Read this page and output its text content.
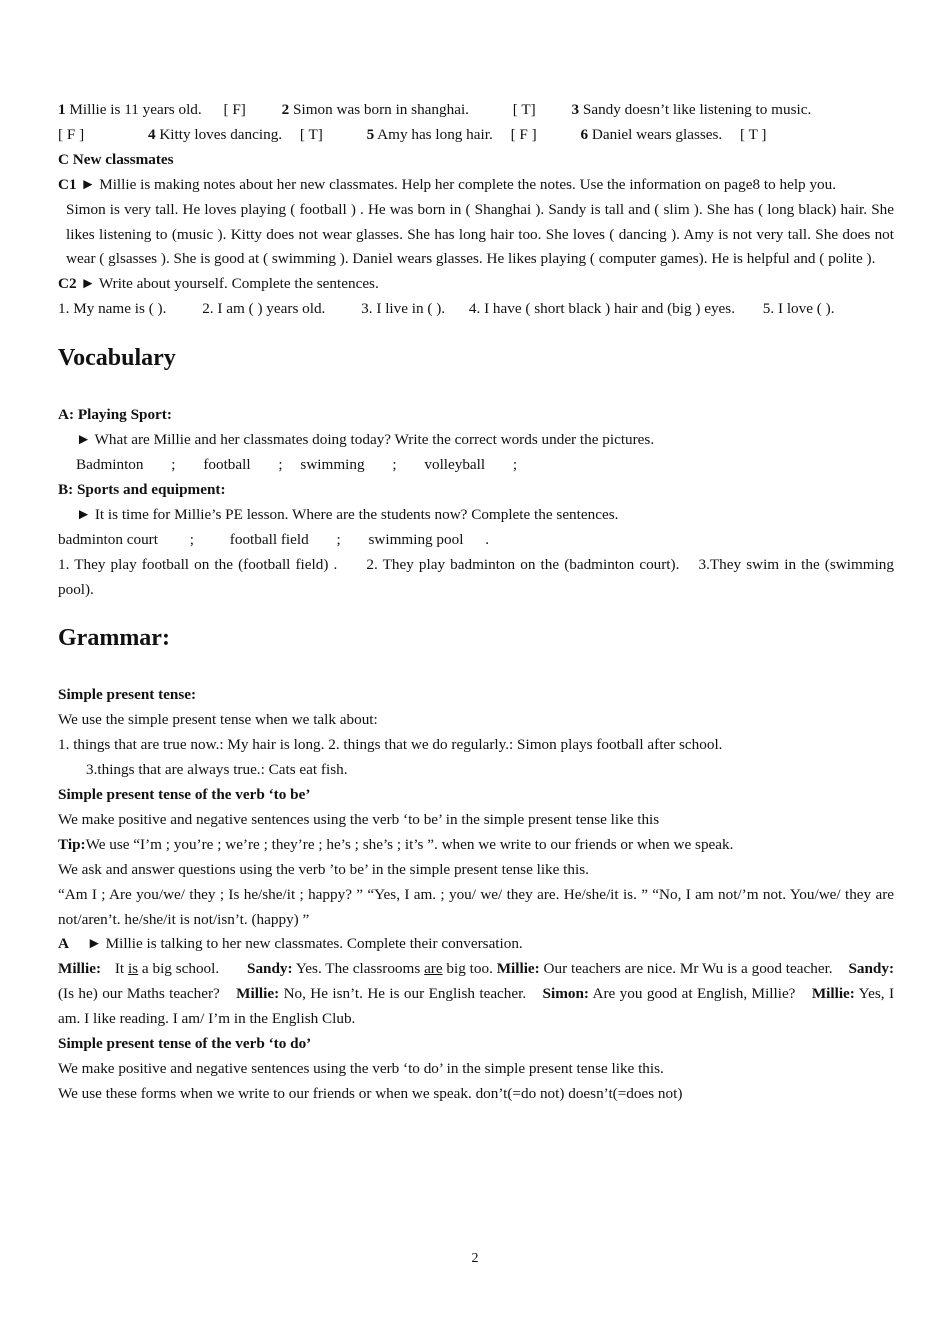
1 Millie is 11 years old. [ F] 2 Simon was born in shanghai.	[ T] 3 Sandy doesn’t like listening to music.

[ F ]	4 Kitty loves dancing. [ T]	5 Amy has long hair. [ F ]	6 Daniel wears glasses. [ T ]

C New classmates

C1 ► Millie is making notes about her new classmates. Help her complete the notes. Use the information on page8 to help you.

Simon is very tall. He loves playing ( football ) . He was born in ( Shanghai ). Sandy is tall and ( slim ). She has ( long black) hair. She likes listening to (music ). Kitty does not wear glasses. She has long hair too. She loves ( dancing ). Amy is not very tall. She does not wear ( glsasses ). She is good at ( swimming ). Daniel wears glasses. He likes playing ( computer games). He is helpful and ( polite ).

C2 ► Write about yourself. Complete the sentences.

1. My name is ( ). 2. I am ( ) years old. 3. I live in ( ). 4. I have ( short black ) hair and (big ) eyes. 5. I love ( ).

Vocabulary

A: Playing Sport:

► What are Millie and her classmates doing today? Write the correct words under the pictures.

Badminton ; football ; swimming ; volleyball ;

B: Sports and equipment:

► It is time for Millie’s PE lesson. Where are the students now? Complete the sentences.

badminton court ; football field ; swimming pool .

1. They play football on the (football field) . 2. They play badminton on the (badminton court). 3.They swim in the (swimming pool).

Grammar:

Simple present tense:

We use the simple present tense when we talk about:

1. things that are true now.: My hair is long. 2. things that we do regularly.: Simon plays football after school.

3.things that are always true.: Cats eat fish.

Simple present tense of the verb ‘to be’

We make positive and negative sentences using the verb ‘to be’ in the simple present tense like this

Tip:We use “I’m ; you’re ; we’re ; they’re ; he’s ; she’s ; it’s ”. when we write to our friends or when we speak.

We ask and answer questions using the verb ’to be’ in the simple present tense like this.

“Am I ; Are you/we/ they ; Is he/she/it ; happy? ” “Yes, I am. ; you/ we/ they are. He/she/it is. ” “No, I am not/’m not. You/we/ they are not/aren’t. he/she/it is not/isn’t. (happy) ”

A ► Millie is talking to her new classmates. Complete their conversation.

Millie: It is a big school. Sandy: Yes. The classrooms are big too. Millie: Our teachers are nice. Mr Wu is a good teacher. Sandy: (Is he) our Maths teacher? Millie: No, He isn’t. He is our English teacher. Simon: Are you good at English, Millie? Millie: Yes, I am. I like reading. I am/ I’m in the English Club.

Simple present tense of the verb ‘to do’

We make positive and negative sentences using the verb ‘to do’ in the simple present tense like this.

We use these forms when we write to our friends or when we speak. don’t(=do not) doesn’t(=does not)

2
